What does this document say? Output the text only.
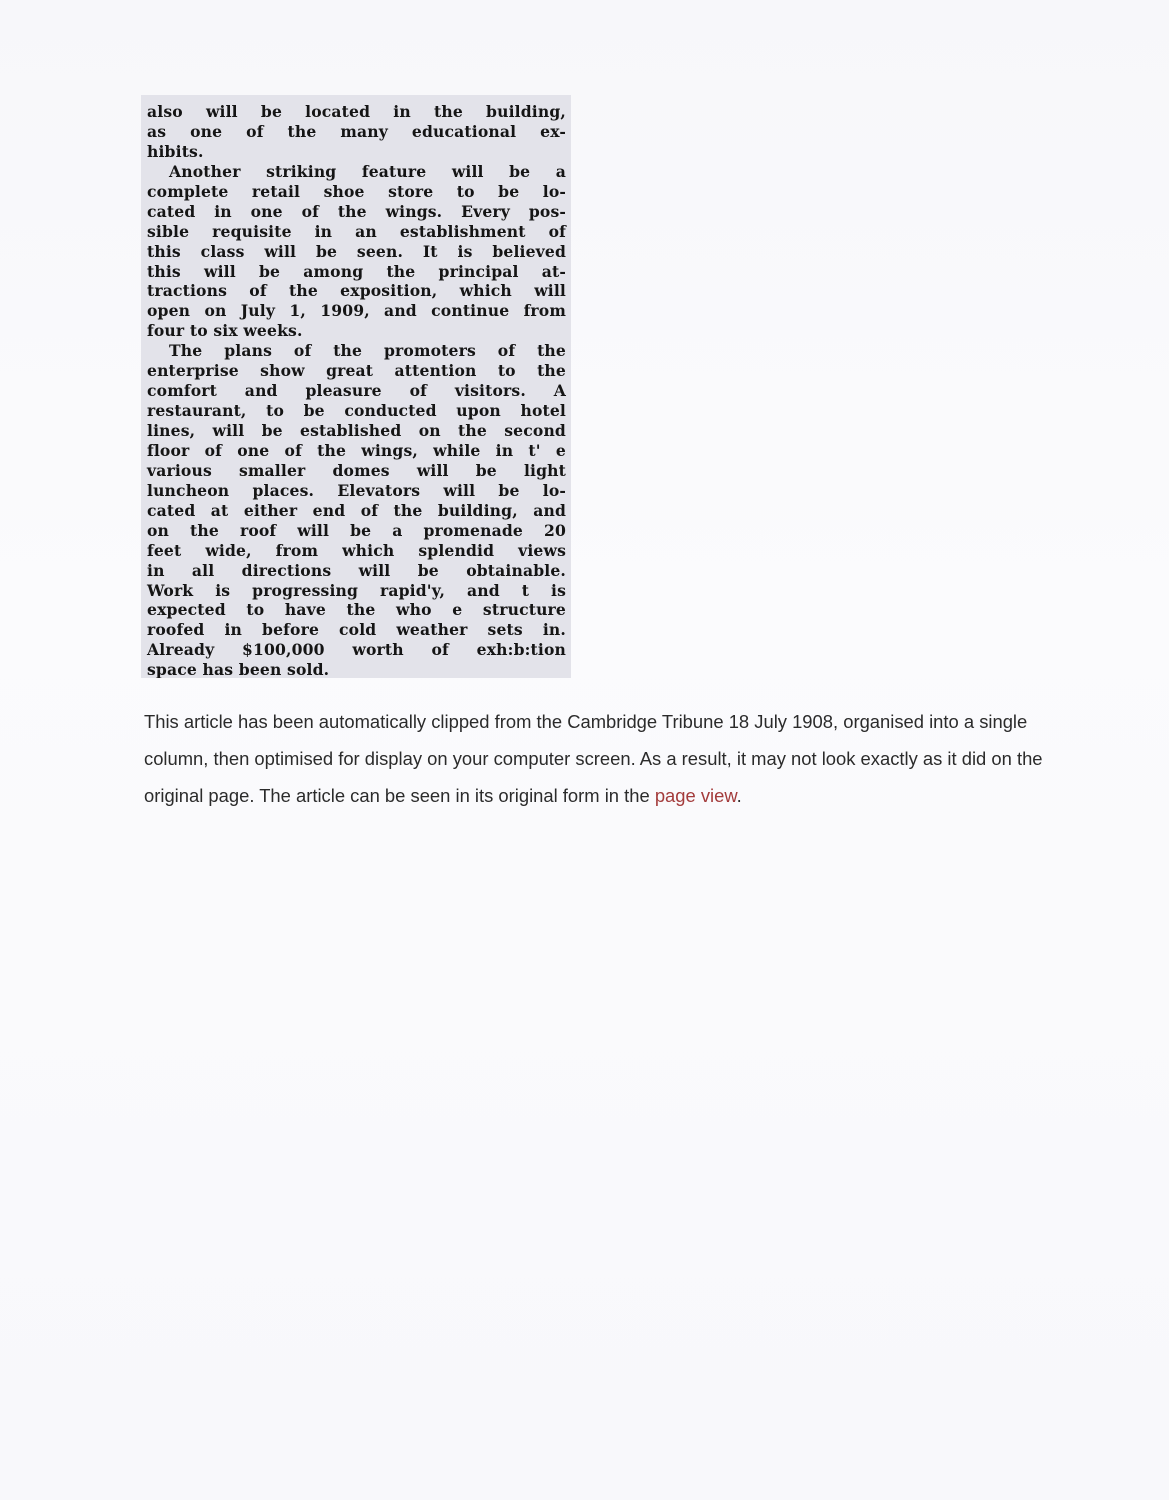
also will be located in the building,
as one of the many educational ex-
hibits.
Another striking feature will be a
complete retail shoe store to be lo-
cated in one of the wings. Every pos-
sible requisite in an establishment of
this class will be seen. It is believed
this will be among the principal at-
tractions of the exposition, which will
open on July 1, 1909, and continue from
four to six weeks.
The plans of the promoters of the
enterprise show great attention to the
comfort and pleasure of visitors. A
restaurant, to be conducted upon hotel
lines, will be established on the second
floor of one of the wings, while in t' e
various smaller domes will be light
luncheon places. Elevators will be lo-
cated at either end of the building, and
on the roof will be a promenade 20
feet wide, from which splendid views
in all directions will be obtainable.
Work is progressing rapid'y, and t is
expected to have the who e structure
roofed in before cold weather sets in.
Already $100,000 worth of exh:b:tion
space has been sold.
This article has been automatically clipped from the Cambridge Tribune 18 July 1908, organised into a single column, then optimised for display on your computer screen. As a result, it may not look exactly as it did on the original page. The article can be seen in its original form in the page view.
